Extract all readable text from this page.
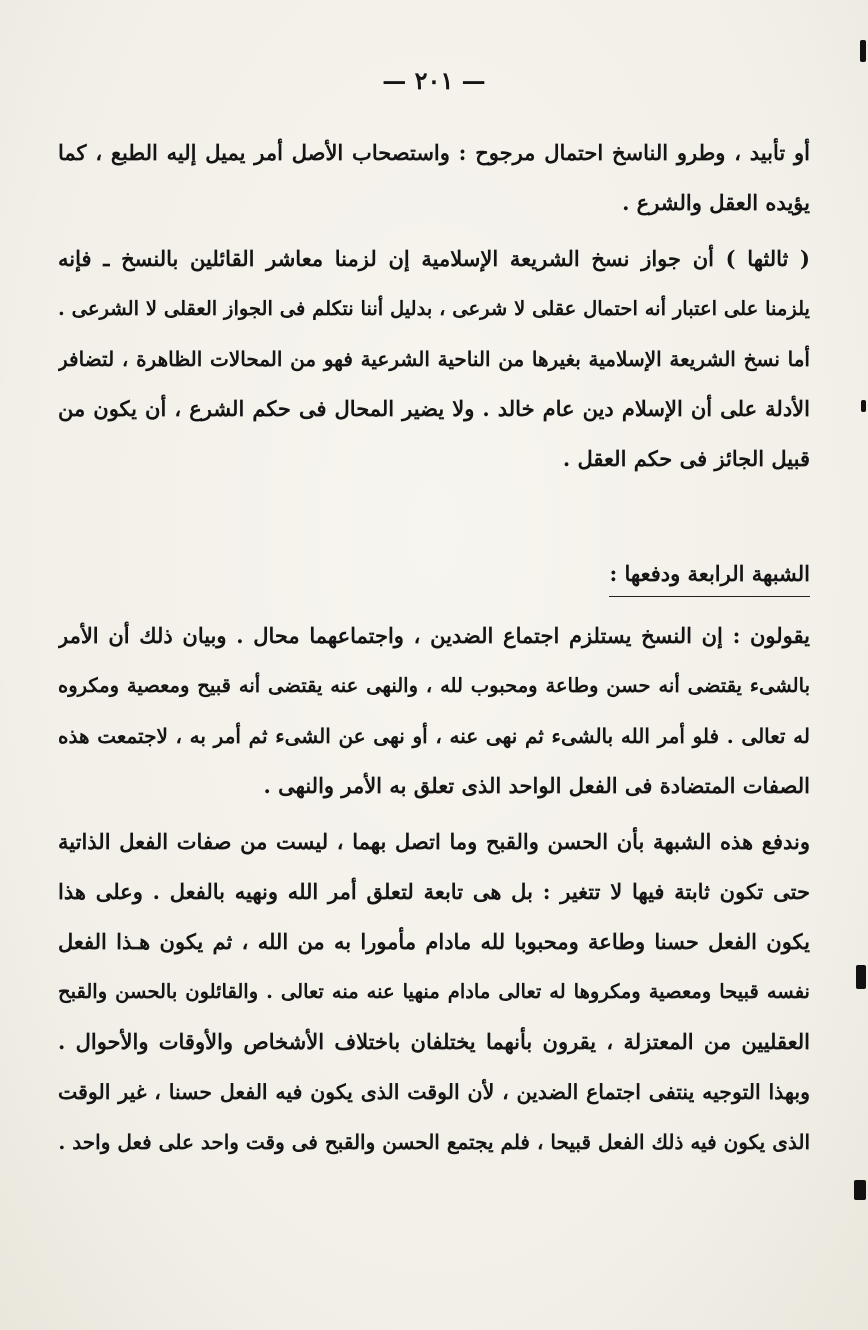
— ٢٠١ —
أو تأبيد ، وطرو الناسخ احتمال مرجوح : واستصحاب الأصل أمر يميل إليه الطبع ، كما
يؤيده العقل والشرع .
( ثالثها ) أن جواز نسخ الشريعة الإسلامية إن لزمنا معاشر القائلين بالنسخ ـ فإنه
يلزمنا على اعتبار أنه احتمال عقلى لا شرعى ، بدليل أننا نتكلم فى الجواز العقلى لا الشرعى .
أما نسخ الشريعة الإسلامية بغيرها من الناحية الشرعية فهو من المحالات الظاهرة ، لتضافر
الأدلة على أن الإسلام دين عام خالد . ولا يضير المحال فى حكم الشرع ، أن يكون من
قبيل الجائز فى حكم العقل .
الشبهة الرابعة ودفعها :
يقولون : إن النسخ يستلزم اجتماع الضدين ، واجتماعهما محال . وبيان ذلك أن الأمر
بالشىء يقتضى أنه حسن وطاعة ومحبوب لله ، والنهى عنه يقتضى أنه قبيح ومعصية ومكروه
له تعالى . فلو أمر الله بالشىء ثم نهى عنه ، أو نهى عن الشىء ثم أمر به ، لاجتمعت هذه
الصفات المتضادة فى الفعل الواحد الذى تعلق به الأمر والنهى .
وندفع هذه الشبهة بأن الحسن والقبح وما اتصل بهما ، ليست من صفات الفعل الذاتية
حتى تكون ثابتة فيها لا تتغير : بل هى تابعة لتعلق أمر الله ونهيه بالفعل . وعلى هذا
يكون الفعل حسنا وطاعة ومحبوبا لله مادام مأمورا به من الله ، ثم يكون هـذا الفعل
نفسه قبيحا ومعصية ومكروها له تعالى مادام منهيا عنه منه تعالى . والقائلون بالحسن والقبح
العقليين من المعتزلة ، يقرون بأنهما يختلفان باختلاف الأشخاص والأوقات والأحوال .
وبهذا التوجيه ينتفى اجتماع الضدين ، لأن الوقت الذى يكون فيه الفعل حسنا ، غير الوقت
الذى يكون فيه ذلك الفعل قبيحا ، فلم يجتمع الحسن والقبح فى وقت واحد على فعل واحد .
